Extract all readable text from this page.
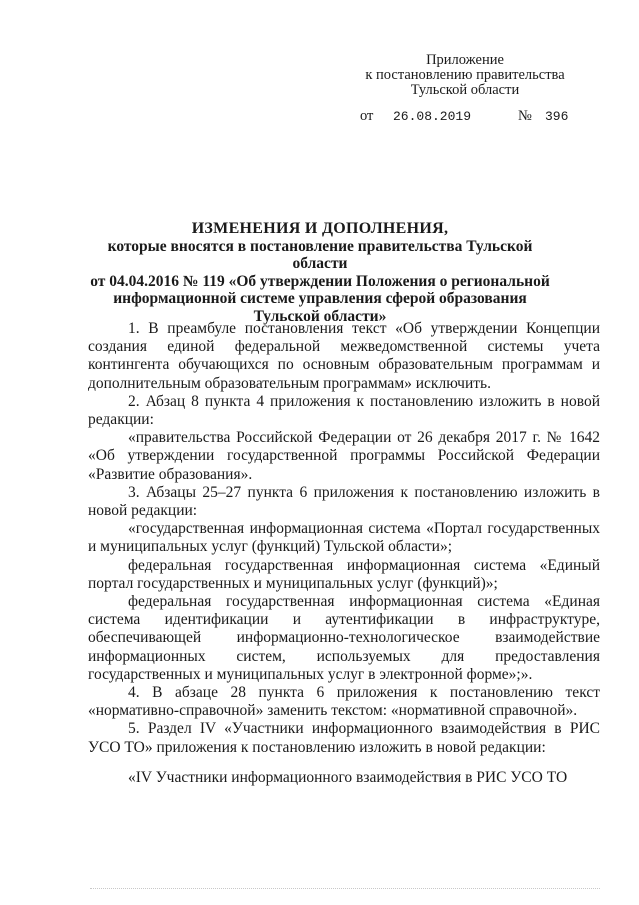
Приложение
к постановлению правительства
Тульской области
от 26.08.2019	№ 396
ИЗМЕНЕНИЯ И ДОПОЛНЕНИЯ,
которые вносятся в постановление правительства Тульской области
от 04.04.2016 № 119 «Об утверждении Положения о региональной
информационной системе управления сферой образования
Тульской области»

1. В преамбуле постановления текст «Об утверждении Концепции создания единой федеральной межведомственной системы учета контингента обучающихся по основным образовательным программам и дополнительным образовательным программам» исключить.

2. Абзац 8 пункта 4 приложения к постановлению изложить в новой редакции:

«правительства Российской Федерации от 26 декабря 2017 г. № 1642 «Об утверждении государственной программы Российской Федерации «Развитие образования».

3. Абзацы 25–27 пункта 6 приложения к постановлению изложить в новой редакции:

«государственная информационная система «Портал государственных и муниципальных услуг (функций) Тульской области»;

федеральная государственная информационная система «Единый портал государственных и муниципальных услуг (функций)»;

федеральная государственная информационная система «Единая система идентификации и аутентификации в инфраструктуре, обеспечивающей информационно-технологическое взаимодействие информационных систем, используемых для предоставления государственных и муниципальных услуг в электронной форме»;».

4. В абзаце 28 пункта 6 приложения к постановлению текст «нормативно-справочной» заменить текстом: «нормативной справочной».

5. Раздел IV «Участники информационного взаимодействия в РИС УСО ТО» приложения к постановлению изложить в новой редакции:

«IV Участники информационного взаимодействия в РИС УСО ТО
